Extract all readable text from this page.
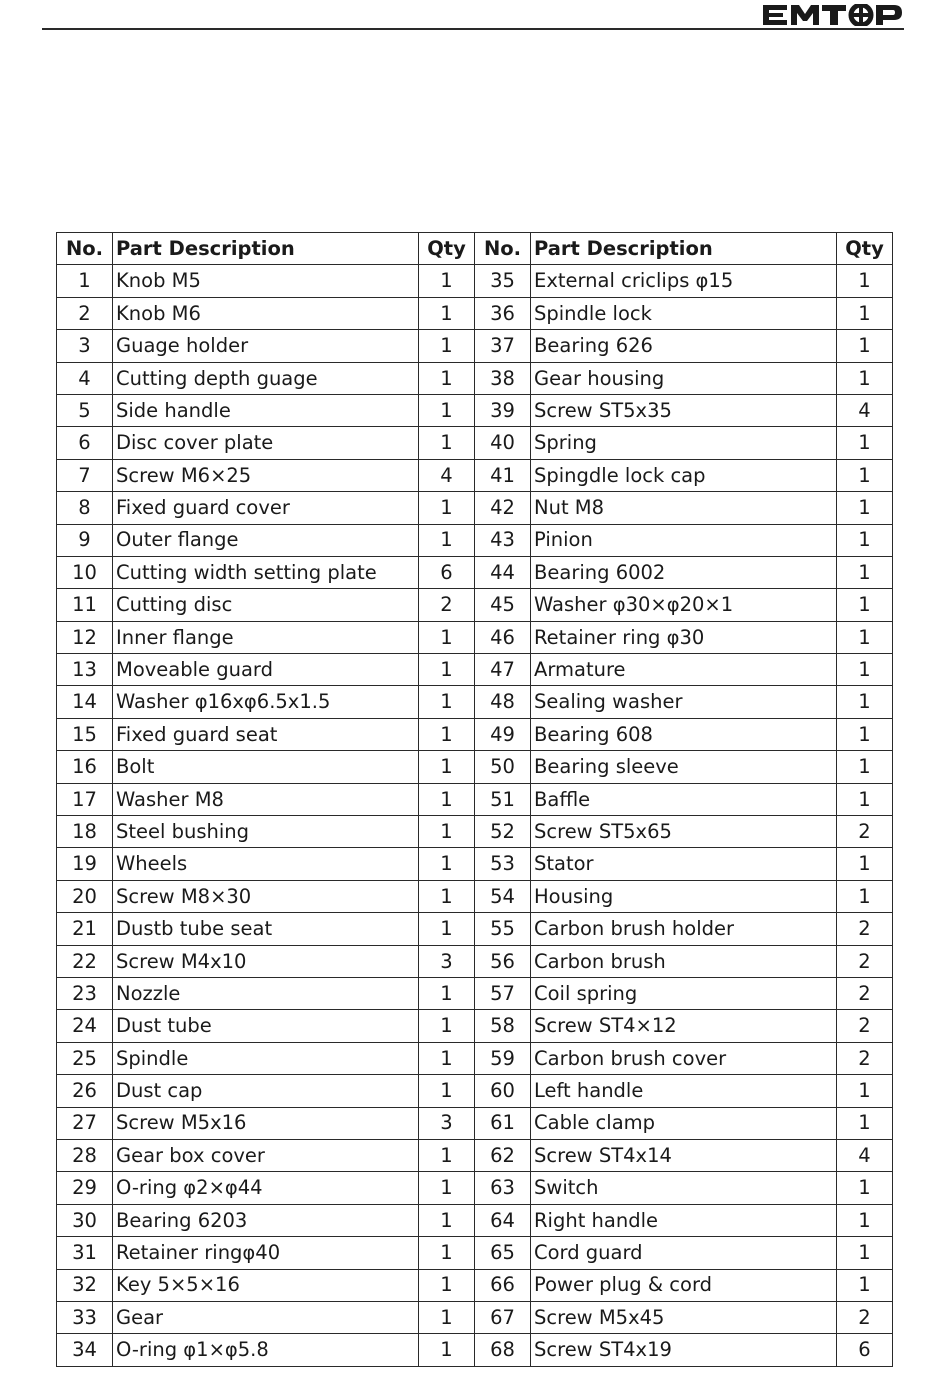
No.	Part Description	Qty	No.	Part Description	Qty
1	Knob M5	1	35	External criclips φ15	1
2	Knob M6	1	36	Spindle lock	1
3	Guage holder	1	37	Bearing 626	1
4	Cutting depth guage	1	38	Gear housing	1
5	Side handle	1	39	Screw ST5x35	4
6	Disc cover plate	1	40	Spring	1
7	Screw M6×25	4	41	Spingdle lock cap	1
8	Fixed guard cover	1	42	Nut M8	1
9	Outer flange	1	43	Pinion	1
10	Cutting width setting plate	6	44	Bearing 6002	1
11	Cutting disc	2	45	Washer φ30×φ20×1	1
12	Inner flange	1	46	Retainer ring φ30	1
13	Moveable guard	1	47	Armature	1
14	Washer φ16xφ6.5x1.5	1	48	Sealing washer	1
15	Fixed guard seat	1	49	Bearing 608	1
16	Bolt	1	50	Bearing sleeve	1
17	Washer M8	1	51	Baffle	1
18	Steel bushing	1	52	Screw ST5x65	2
19	Wheels	1	53	Stator	1
20	Screw M8×30	1	54	Housing	1
21	Dustb tube seat	1	55	Carbon brush holder	2
22	Screw M4x10	3	56	Carbon brush	2
23	Nozzle	1	57	Coil spring	2
24	Dust tube	1	58	Screw ST4×12	2
25	Spindle	1	59	Carbon brush cover	2
26	Dust cap	1	60	Left handle	1
27	Screw M5x16	3	61	Cable clamp	1
28	Gear box cover	1	62	Screw ST4x14	4
29	O-ring φ2×φ44	1	63	Switch	1
30	Bearing 6203	1	64	Right handle	1
31	Retainer ringφ40	1	65	Cord guard	1
32	Key 5×5×16	1	66	Power plug & cord	1
33	Gear	1	67	Screw M5x45	2
34	O-ring φ1×φ5.8	1	68	Screw ST4x19	6
